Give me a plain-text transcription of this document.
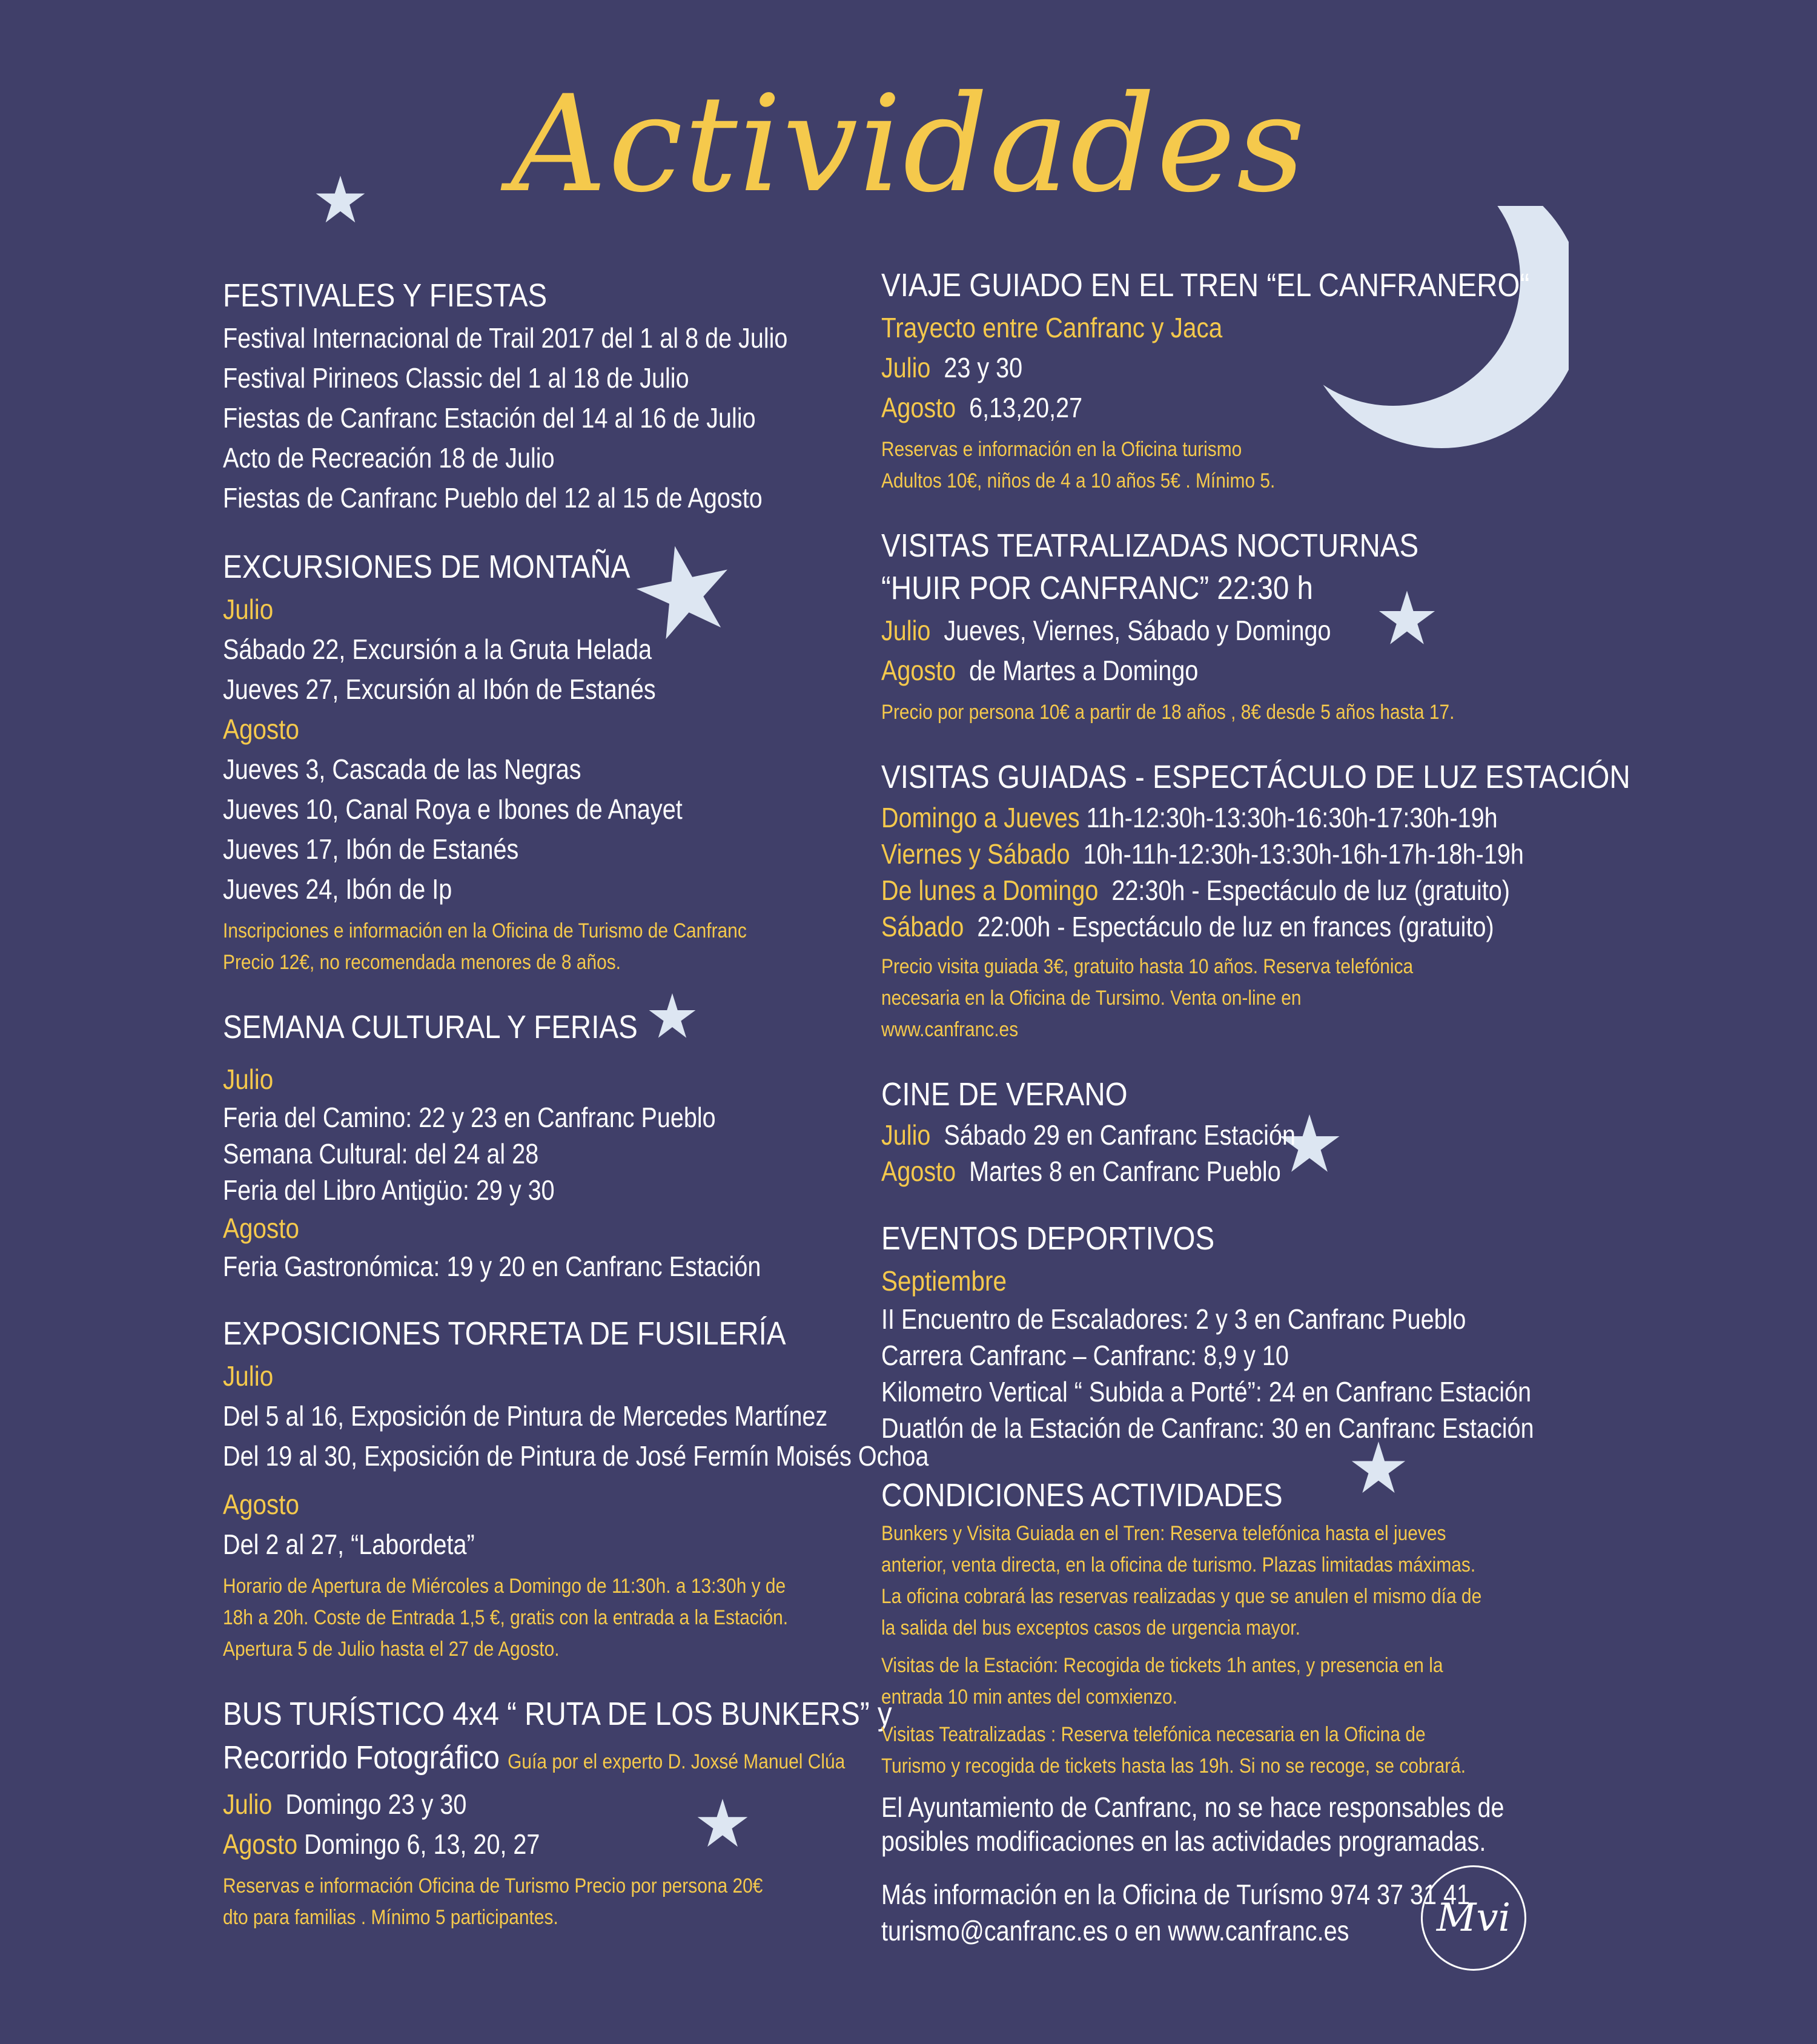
Actividades
FESTIVALES Y FIESTAS
Festival Internacional de Trail 2017 del 1 al 8 de Julio
Festival Pirineos Classic del 1 al 18 de Julio
Fiestas de Canfranc Estación del 14 al 16 de Julio
Acto de Recreación 18 de Julio
Fiestas de Canfranc Pueblo del 12 al 15 de Agosto
EXCURSIONES DE MONTAÑA
Julio
Sábado 22, Excursión a la Gruta Helada
Jueves 27, Excursión al Ibón de Estanés
Agosto
Jueves 3, Cascada de las Negras
Jueves 10, Canal Roya e Ibones de Anayet
Jueves 17, Ibón de Estanés
Jueves 24, Ibón de Ip
Inscripciones e información en la Oficina de Turismo de Canfranc
Precio 12€, no recomendada menores de 8 años.
SEMANA CULTURAL Y FERIAS
Julio
Feria del Camino: 22 y 23 en Canfranc Pueblo
Semana Cultural: del 24 al 28
Feria del Libro Antigüo: 29 y 30
Agosto
Feria Gastronómica: 19 y 20 en Canfranc Estación
EXPOSICIONES TORRETA DE FUSILERÍA
Julio
Del 5 al 16, Exposición de Pintura de Mercedes Martínez
Del 19 al 30, Exposición de Pintura de José Fermín Moisés Ochoa
Agosto
Del 2 al 27, “Labordeta”
Horario de Apertura de Miércoles a Domingo de 11:30h. a 13:30h y de 18h a 20h. Coste de Entrada 1,5 €, gratis con la entrada a la Estación. Apertura 5 de Julio hasta el 27 de Agosto.
BUS TURÍSTICO 4x4 “ RUTA DE LOS BUNKERS” y
Recorrido Fotográfico Guía por el experto D. Joxsé Manuel Clúa
Julio Domingo 23 y 30
Agosto Domingo 6, 13, 20, 27
Reservas e información Oficina de Turismo Precio por persona 20€ dto para familias . Mínimo 5 participantes.
VIAJE GUIADO EN EL TREN “EL CANFRANERO“
Trayecto entre Canfranc y Jaca
Julio 23 y 30
Agosto 6,13,20,27
Reservas e información en la Oficina turismo
Adultos 10€, niños de 4 a 10 años 5€ . Mínimo 5.
VISITAS TEATRALIZADAS NOCTURNAS
“HUIR POR CANFRANC” 22:30 h
Julio Jueves, Viernes, Sábado y Domingo
Agosto de Martes a Domingo
Precio por persona 10€ a partir de 18 años , 8€ desde 5 años hasta 17.
VISITAS GUIADAS - ESPECTÁCULO DE LUZ ESTACIÓN
Domingo a Jueves 11h-12:30h-13:30h-16:30h-17:30h-19h
Viernes y Sábado 10h-11h-12:30h-13:30h-16h-17h-18h-19h
De lunes a Domingo 22:30h - Espectáculo de luz (gratuito)
Sábado 22:00h - Espectáculo de luz en frances (gratuito)
Precio visita guiada 3€, gratuito hasta 10 años. Reserva telefónica necesaria en la Oficina de Tursimo. Venta on-line en www.canfranc.es
CINE DE VERANO
Julio Sábado 29 en Canfranc Estación
Agosto Martes 8 en Canfranc Pueblo
EVENTOS DEPORTIVOS
Septiembre
II Encuentro de Escaladores: 2 y 3 en Canfranc Pueblo
Carrera Canfranc – Canfranc: 8,9 y 10
Kilometro Vertical “ Subida a Porté”: 24 en Canfranc Estación
Duatlón de la Estación de Canfranc: 30 en Canfranc Estación
CONDICIONES ACTIVIDADES
Bunkers y Visita Guiada en el Tren: Reserva telefónica hasta el jueves anterior, venta directa, en la oficina de turismo. Plazas limitadas máximas. La oficina cobrará las reservas realizadas y que se anulen el mismo día de la salida del bus exceptos casos de urgencia mayor.
Visitas de la Estación: Recogida de tickets 1h antes, y presencia en la entrada 10 min antes del comxienzo.
Visitas Teatralizadas : Reserva telefónica necesaria en la Oficina de Turismo y recogida de tickets hasta las 19h. Si no se recoge, se cobrará.
El Ayuntamiento de Canfranc, no se hace responsables de
posibles modificaciones en las actividades programadas.
Más información en la Oficina de Turísmo 974 37 31 41
turismo@canfranc.es o en www.canfranc.es	Mvi
